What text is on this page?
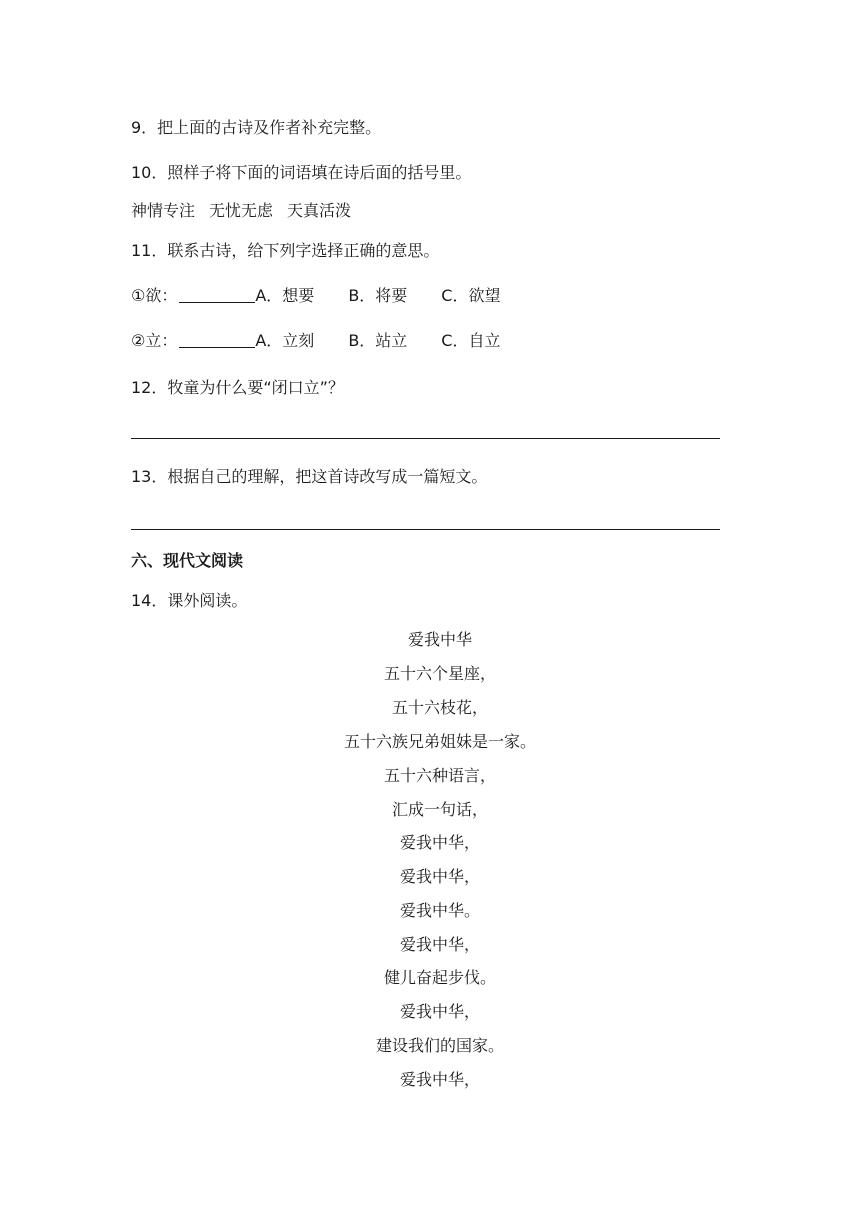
9．把上面的古诗及作者补充完整。
10．照样子将下面的词语填在诗后面的括号里。
神情专注 无忧无虑 天真活泼
11．联系古诗，给下列字选择正确的意思。
①欲：	A．想要 B．将要 C．欲望
②立：	A．立刻 B．站立 C．自立
12．牧童为什么要“闭口立”？
13．根据自己的理解，把这首诗改写成一篇短文。
六、现代文阅读
14．课外阅读。
爱我中华
五十六个星座，
五十六枝花，
五十六族兄弟姐妹是一家。
五十六种语言，
汇成一句话，
爱我中华，
爱我中华，
爱我中华。
爱我中华，
健儿奋起步伐。
爱我中华，
建设我们的国家。
爱我中华，
